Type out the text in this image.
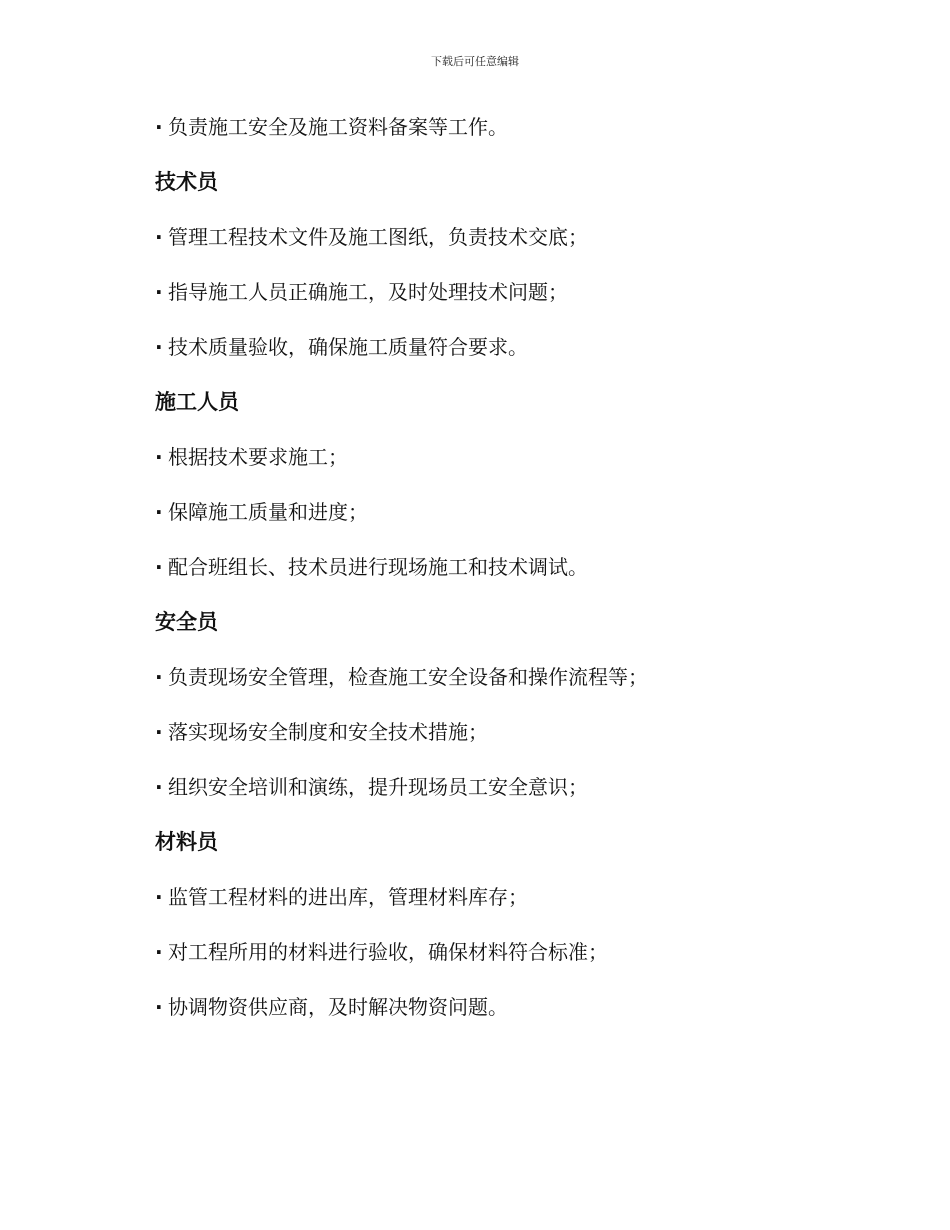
下载后可任意编辑
· 负责施工安全及施工资料备案等工作。
技术员
· 管理工程技术文件及施工图纸，负责技术交底；
· 指导施工人员正确施工，及时处理技术问题；
· 技术质量验收，确保施工质量符合要求。
施工人员
· 根据技术要求施工；
· 保障施工质量和进度；
· 配合班组长、技术员进行现场施工和技术调试。
安全员
· 负责现场安全管理，检查施工安全设备和操作流程等；
· 落实现场安全制度和安全技术措施；
· 组织安全培训和演练，提升现场员工安全意识；
材料员
· 监管工程材料的进出库，管理材料库存；
· 对工程所用的材料进行验收，确保材料符合标准；
· 协调物资供应商，及时解决物资问题。
